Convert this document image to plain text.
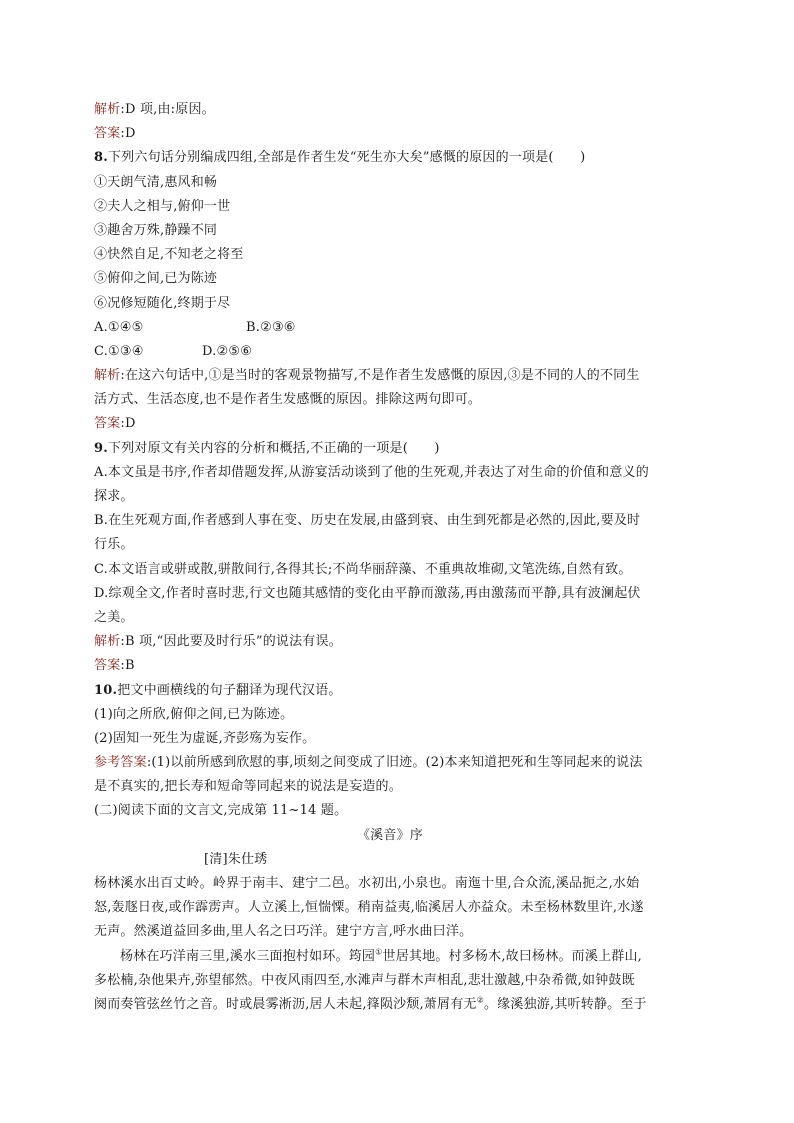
解析:D 项,由:原因。
答案:D
8.下列六句话分别编成四组,全部是作者生发“死生亦大矣”感慨的原因的一项是(　　)
①天朗气清,惠风和畅
②夫人之相与,俯仰一世
③趣舍万殊,静躁不同
④快然自足,不知老之将至
⑤俯仰之间,已为陈迹
⑥况修短随化,终期于尽
A.①④⑤	B.②③⑥
C.①③④	D.②⑤⑥
解析:在这六句话中,①是当时的客观景物描写,不是作者生发感慨的原因,③是不同的人的不同生
活方式、生活态度,也不是作者生发感慨的原因。排除这两句即可。
答案:D
9.下列对原文有关内容的分析和概括,不正确的一项是(　　)
A.本文虽是书序,作者却借题发挥,从游宴活动谈到了他的生死观,并表达了对生命的价值和意义的
探求。
B.在生死观方面,作者感到人事在变、历史在发展,由盛到衰、由生到死都是必然的,因此,要及时
行乐。
C.本文语言或骈或散,骈散间行,各得其长;不尚华丽辞藻、不重典故堆砌,文笔洗练,自然有致。
D.综观全文,作者时喜时悲,行文也随其感情的变化由平静而激荡,再由激荡而平静,具有波澜起伏
之美。
解析:B 项,“因此要及时行乐”的说法有误。
答案:B
10.把文中画横线的句子翻译为现代汉语。
(1)向之所欣,俯仰之间,已为陈迹。
(2)固知一死生为虚诞,齐彭殇为妄作。
参考答案:(1)以前所感到欣慰的事,顷刻之间变成了旧迹。(2)本来知道把死和生等同起来的说法
是不真实的,把长寿和短命等同起来的说法是妄造的。
(二)阅读下面的文言文,完成第 11~14 题。
《溪音》序
[清]朱仕琇
杨林溪水出百丈岭。岭界于南丰、建宁二邑。水初出,小泉也。南迤十里,合众流,溪品扼之,水始
怒,轰豗日夜,或作霹雳声。人立溪上,恒惴慄。稍南益夷,临溪居人亦益众。未至杨林数里许,水遂
无声。然溪道益回多曲,里人名之曰巧洋。建宁方言,呼水曲曰洋。
杨林在巧洋南三里,溪水三面抱村如环。筠园①世居其地。村多杨木,故曰杨林。而溪上群山,
多松楠,杂他果卉,弥望郁然。中夜风雨四至,水滩声与群木声相乱,悲壮激越,中杂希微,如钟鼓既
阕而奏管弦丝竹之音。时或晨雾淅沥,居人未起,箨陨沙颓,萧屑有无②。缘溪独游,其听转静。至于
